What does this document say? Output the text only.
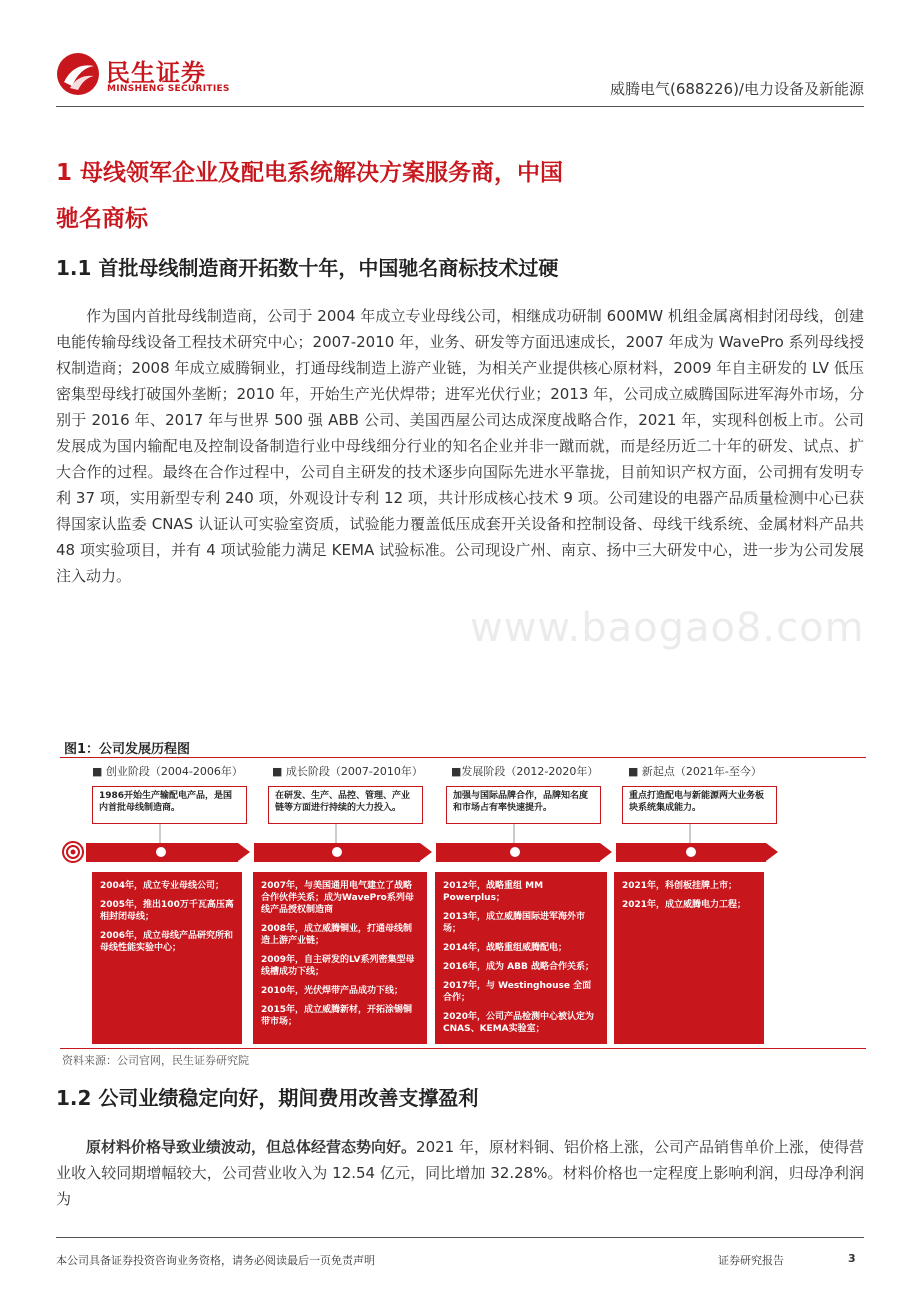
民生证券
MINSHENG SECURITIES	威腾电气(688226)/电力设备及新能源
1 母线领军企业及配电系统解决方案服务商，中国
驰名商标
1.1 首批母线制造商开拓数十年，中国驰名商标技术过硬

作为国内首批母线制造商，公司于 2004 年成立专业母线公司，相继成功研制 600MW 机组金属离相封闭母线，创建电能传输母线设备工程技术研究中心；2007-2010 年，业务、研发等方面迅速成长，2007 年成为 WavePro 系列母线授权制造商；2008 年成立威腾铜业，打通母线制造上游产业链，为相关产业提供核心原材料，2009 年自主研发的 LV 低压密集型母线打破国外垄断；2010 年，开始生产光伏焊带；进军光伏行业；2013 年，公司成立威腾国际进军海外市场，分别于 2016 年、2017 年与世界 500 强 ABB 公司、美国西屋公司达成深度战略合作，2021 年，实现科创板上市。公司发展成为国内输配电及控制设备制造行业中母线细分行业的知名企业并非一蹴而就，而是经历近二十年的研发、试点、扩大合作的过程。最终在合作过程中，公司自主研发的技术逐步向国际先进水平靠拢，目前知识产权方面，公司拥有发明专利 37 项，实用新型专利 240 项，外观设计专利 12 项，共计形成核心技术 9 项。公司建设的电器产品质量检测中心已获得国家认监委 CNAS 认证认可实验室资质，试验能力覆盖低压成套开关设备和控制设备、母线干线系统、金属材料产品共 48 项实验项目，并有 4 项试验能力满足 KEMA 试验标准。公司现设广州、南京、扬中三大研发中心，进一步为公司发展注入动力。

www.baogao8.com
图1：公司发展历程图
■ 创业阶段（2004-2006年）	■ 成长阶段（2007-2010年）	■发展阶段（2012-2020年）	■ 新起点（2021年-至今）
1986开始生产输配电产品，是国内首批母线制造商。
在研发、生产、品控、管理、产业链等方面进行持续的大力投入。
加强与国际品牌合作，品牌知名度和市场占有率快速提升。
重点打造配电与新能源两大业务板块系统集成能力。
2004年，成立专业母线公司；
2005年，推出100万千瓦高压离相封闭母线；
2006年，成立母线产品研究所和母线性能实验中心；
2007年，与美国通用电气建立了战略合作伙伴关系；成为WavePro系列母线产品授权制造商
2008年，成立威腾铜业，打通母线制造上游产业链；
2009年，自主研发的LV系列密集型母线槽成功下线；
2010年，光伏焊带产品成功下线；
2015年，成立威腾新材，开拓涂锡铜带市场；
2012年，战略重组 MM Powerplus；
2013年，成立威腾国际进军海外市场；
2014年，战略重组威腾配电；
2016年，成为 ABB 战略合作关系；
2017年，与 Westinghouse 全面合作；
2020年，公司产品检测中心被认定为CNAS、KEMA实验室；
2021年，科创板挂牌上市；
2021年，成立威腾电力工程；
资料来源：公司官网，民生证券研究院
1.2 公司业绩稳定向好，期间费用改善支撑盈利

原材料价格导致业绩波动，但总体经营态势向好。2021 年，原材料铜、铝价格上涨，公司产品销售单价上涨，使得营业收入较同期增幅较大，公司营业收入为 12.54 亿元，同比增加 32.28%。材料价格也一定程度上影响利润，归母净利润为

本公司具备证券投资咨询业务资格，请务必阅读最后一页免责声明	证券研究报告	3
